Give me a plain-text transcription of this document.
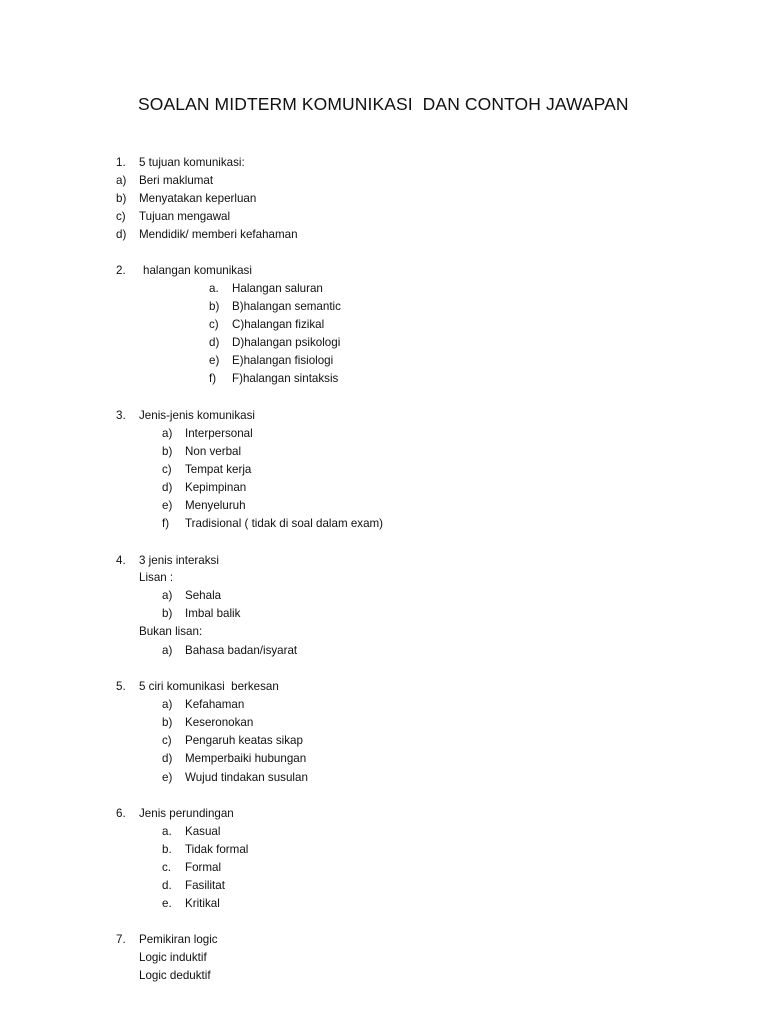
SOALAN MIDTERM KOMUNIKASI  DAN CONTOH JAWAPAN
1. 5 tujuan komunikasi:
a) Beri maklumat
b) Menyatakan keperluan
c) Tujuan mengawal
d) Mendidik/ memberi kefahaman
2. halangan komunikasi
a. Halangan saluran
b) B)halangan semantic
c) C)halangan fizikal
d) D)halangan psikologi
e) E)halangan fisiologi
f) F)halangan sintaksis
3. Jenis-jenis komunikasi
a) Interpersonal
b) Non verbal
c) Tempat kerja
d) Kepimpinan
e) Menyeluruh
f) Tradisional ( tidak di soal dalam exam)
4. 3 jenis interaksi
Lisan :
a) Sehala
b) Imbal balik
Bukan lisan:
a) Bahasa badan/isyarat
5. 5 ciri komunikasi  berkesan
a) Kefahaman
b) Keseronokan
c) Pengaruh keatas sikap
d) Memperbaiki hubungan
e) Wujud tindakan susulan
6. Jenis perundingan
a. Kasual
b. Tidak formal
c. Formal
d. Fasilitat
e. Kritikal
7. Pemikiran logic
Logic induktif
Logic deduktif
